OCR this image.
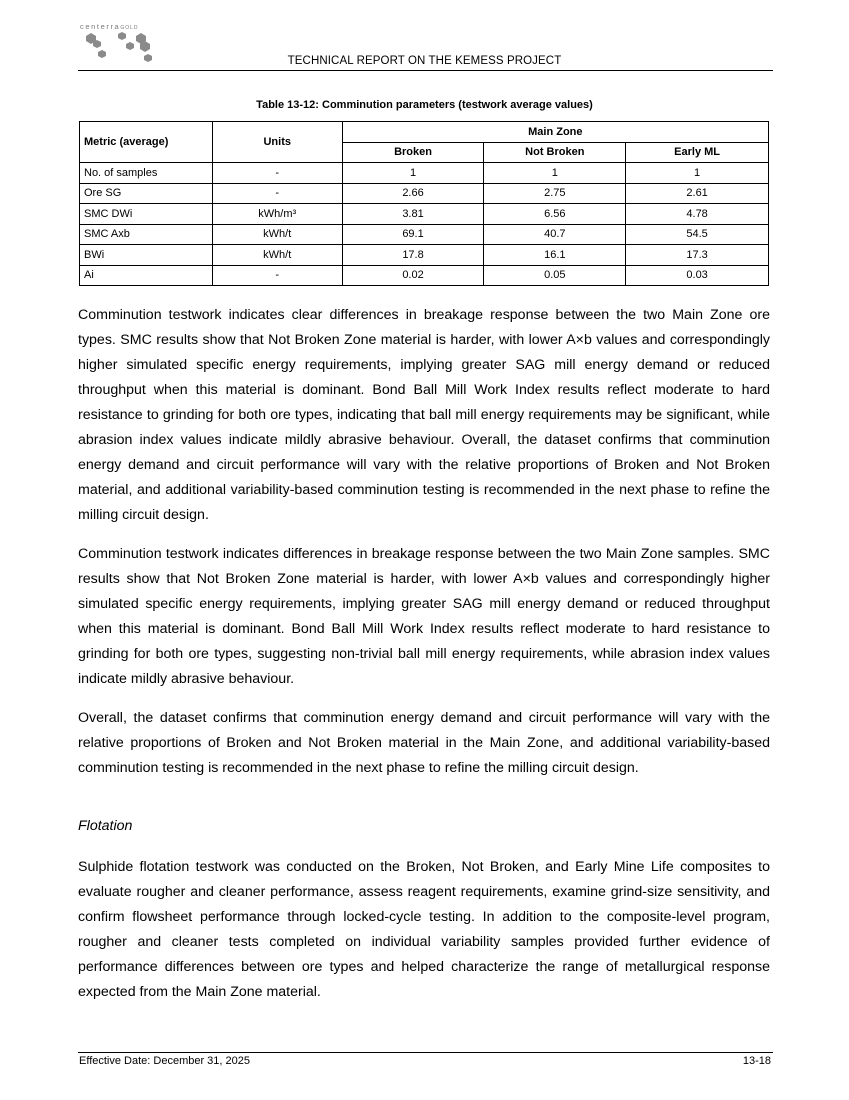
centerraGOLD
TECHNICAL REPORT ON THE KEMESS PROJECT
Table 13-12: Comminution parameters (testwork average values)
Metric (average)	Units	Main Zone		
		Broken	Not Broken	Early ML
No. of samples	-	1	1	1
Ore SG	-	2.66	2.75	2.61
SMC DWi	kWh/m³	3.81	6.56	4.78
SMC Axb	kWh/t	69.1	40.7	54.5
BWi	kWh/t	17.8	16.1	17.3
Ai	-	0.02	0.05	0.03

Comminution testwork indicates clear differences in breakage response between the two Main Zone ore types. SMC results show that Not Broken Zone material is harder, with lower A×b values and correspondingly higher simulated specific energy requirements, implying greater SAG mill energy demand or reduced throughput when this material is dominant. Bond Ball Mill Work Index results reflect moderate to hard resistance to grinding for both ore types, indicating that ball mill energy requirements may be significant, while abrasion index values indicate mildly abrasive behaviour. Overall, the dataset confirms that comminution energy demand and circuit performance will vary with the relative proportions of Broken and Not Broken material, and additional variability-based comminution testing is recommended in the next phase to refine the milling circuit design.

Comminution testwork indicates differences in breakage response between the two Main Zone samples. SMC results show that Not Broken Zone material is harder, with lower A×b values and correspondingly higher simulated specific energy requirements, implying greater SAG mill energy demand or reduced throughput when this material is dominant. Bond Ball Mill Work Index results reflect moderate to hard resistance to grinding for both ore types, suggesting non-trivial ball mill energy requirements, while abrasion index values indicate mildly abrasive behaviour.

Overall, the dataset confirms that comminution energy demand and circuit performance will vary with the relative proportions of Broken and Not Broken material in the Main Zone, and additional variability-based comminution testing is recommended in the next phase to refine the milling circuit design.

Flotation

Sulphide flotation testwork was conducted on the Broken, Not Broken, and Early Mine Life composites to evaluate rougher and cleaner performance, assess reagent requirements, examine grind-size sensitivity, and confirm flowsheet performance through locked-cycle testing. In addition to the composite-level program, rougher and cleaner tests completed on individual variability samples provided further evidence of performance differences between ore types and helped characterize the range of metallurgical response expected from the Main Zone material.

Effective Date: December 31, 2025	13-18
